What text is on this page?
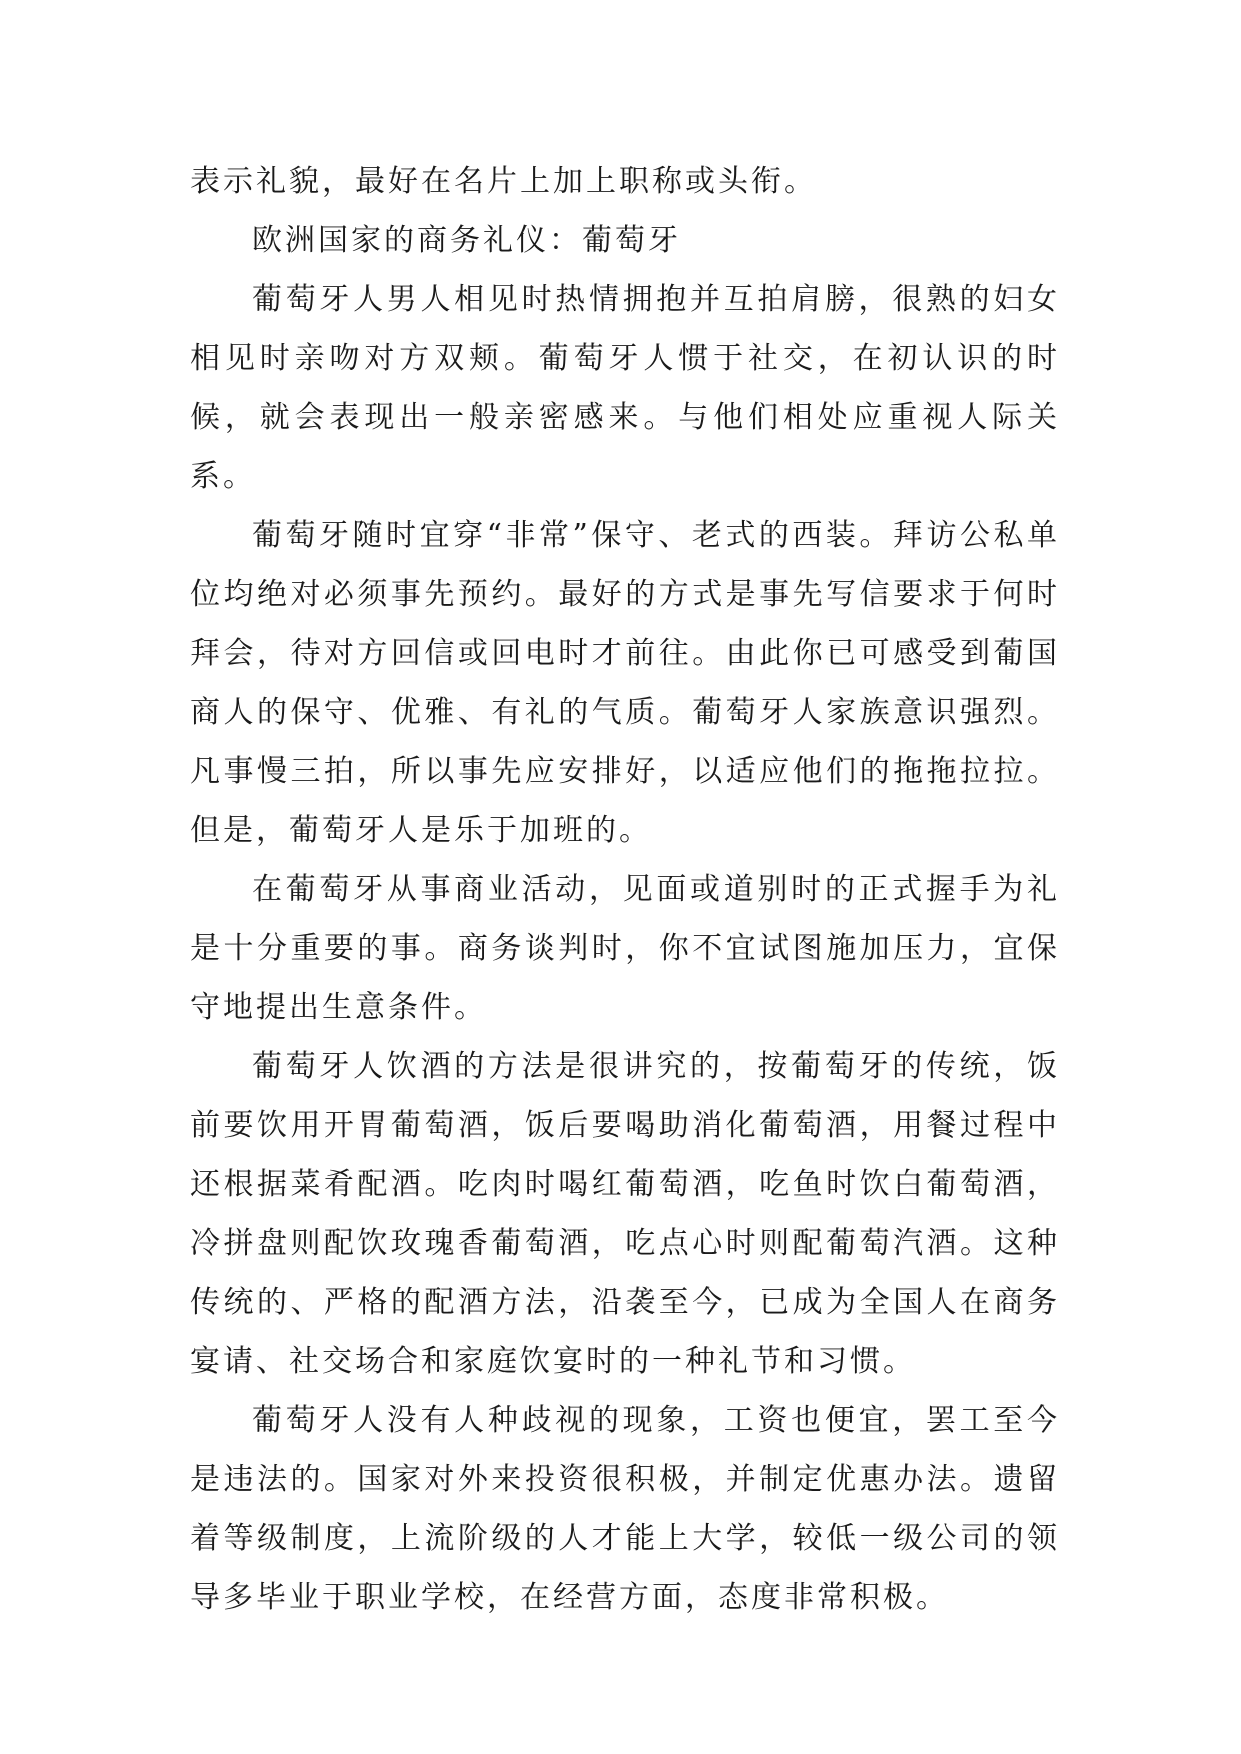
表示礼貌，最好在名片上加上职称或头衔。

欧洲国家的商务礼仪：葡萄牙

葡萄牙人男人相见时热情拥抱并互拍肩膀，很熟的妇女相见时亲吻对方双颊。葡萄牙人惯于社交，在初认识的时候，就会表现出一般亲密感来。与他们相处应重视人际关系。

葡萄牙随时宜穿“非常”保守、老式的西装。拜访公私单位均绝对必须事先预约。最好的方式是事先写信要求于何时拜会，待对方回信或回电时才前往。由此你已可感受到葡国商人的保守、优雅、有礼的气质。葡萄牙人家族意识强烈。凡事慢三拍，所以事先应安排好，以适应他们的拖拖拉拉。但是，葡萄牙人是乐于加班的。

在葡萄牙从事商业活动，见面或道别时的正式握手为礼是十分重要的事。商务谈判时，你不宜试图施加压力，宜保守地提出生意条件。

葡萄牙人饮酒的方法是很讲究的，按葡萄牙的传统，饭前要饮用开胃葡萄酒，饭后要喝助消化葡萄酒，用餐过程中还根据菜肴配酒。吃肉时喝红葡萄酒，吃鱼时饮白葡萄酒，冷拼盘则配饮玫瑰香葡萄酒，吃点心时则配葡萄汽酒。这种传统的、严格的配酒方法，沿袭至今，已成为全国人在商务宴请、社交场合和家庭饮宴时的一种礼节和习惯。

葡萄牙人没有人种歧视的现象，工资也便宜，罢工至今是违法的。国家对外来投资很积极，并制定优惠办法。遗留着等级制度，上流阶级的人才能上大学，较低一级公司的领导多毕业于职业学校，在经营方面，态度非常积极。
